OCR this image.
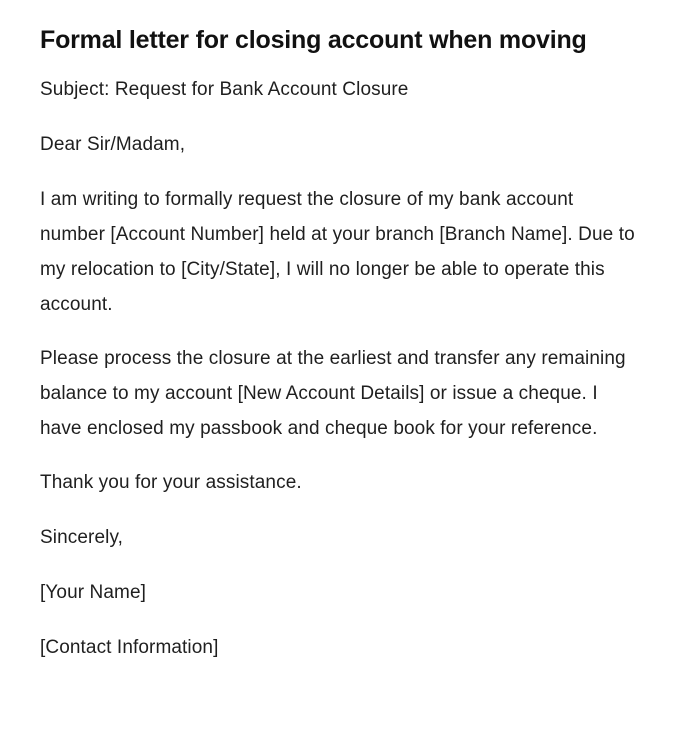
Formal letter for closing account when moving

Subject: Request for Bank Account Closure

Dear Sir/Madam,

I am writing to formally request the closure of my bank account number [Account Number] held at your branch [Branch Name]. Due to my relocation to [City/State], I will no longer be able to operate this account.

Please process the closure at the earliest and transfer any remaining balance to my account [New Account Details] or issue a cheque. I have enclosed my passbook and cheque book for your reference.

Thank you for your assistance.

Sincerely,

[Your Name]

[Contact Information]
